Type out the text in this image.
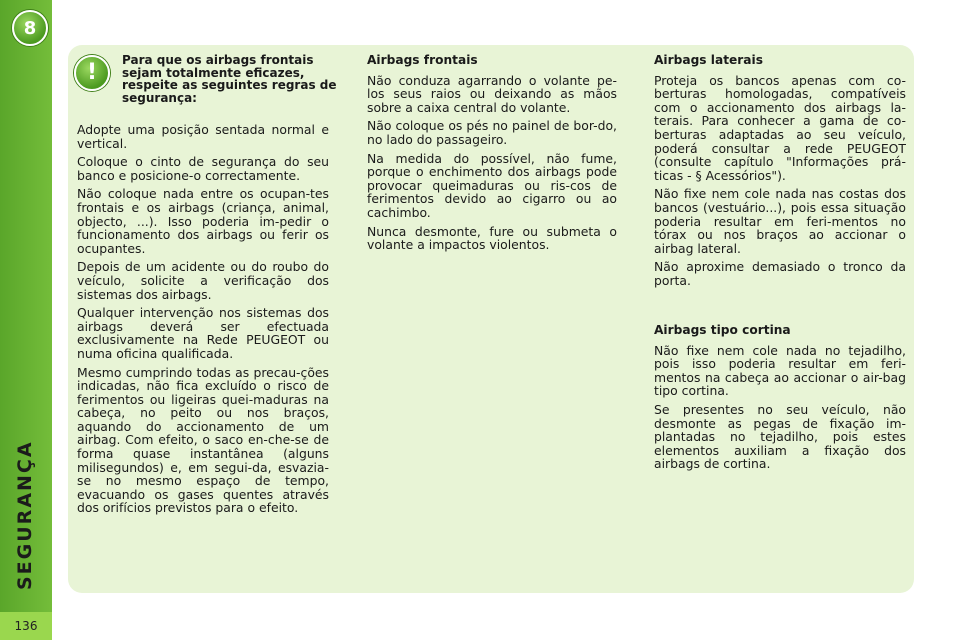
8
SEGURANÇA
136
! Para que os airbags frontais sejam totalmente eficazes, respeite as seguintes regras de segurança:

Adopte uma posição sentada normal e vertical.

Coloque o cinto de segurança do seu banco e posicione-o correctamente.

Não coloque nada entre os ocupan-tes frontais e os airbags (criança, animal, objecto, ...). Isso poderia im-pedir o funcionamento dos airbags ou ferir os ocupantes.

Depois de um acidente ou do roubo do veículo, solicite a verificação dos sistemas dos airbags.

Qualquer intervenção nos sistemas dos airbags deverá ser efectuada exclusivamente na Rede PEUGEOT ou numa oficina qualificada.

Mesmo cumprindo todas as precau-ções indicadas, não fica excluído o risco de ferimentos ou ligeiras quei-maduras na cabeça, no peito ou nos braços, aquando do accionamento de um airbag. Com efeito, o saco en-che-se de forma quase instantânea (alguns milisegundos) e, em segui-da, esvazia-se no mesmo espaço de tempo, evacuando os gases quentes através dos orifícios previstos para o efeito.

Airbags frontais

Não conduza agarrando o volante pe-los seus raios ou deixando as mãos sobre a caixa central do volante.

Não coloque os pés no painel de bor-do, no lado do passageiro.

Na medida do possível, não fume, porque o enchimento dos airbags pode provocar queimaduras ou ris-cos de ferimentos devido ao cigarro ou ao cachimbo.

Nunca desmonte, fure ou submeta o volante a impactos violentos.

Airbags laterais

Proteja os bancos apenas com co-berturas homologadas, compatíveis com o accionamento dos airbags la-terais. Para conhecer a gama de co-berturas adaptadas ao seu veículo, poderá consultar a rede PEUGEOT (consulte capítulo "Informações prá-ticas - § Acessórios").

Não fixe nem cole nada nas costas dos bancos (vestuário...), pois essa situação poderia resultar em feri-mentos no tórax ou nos braços ao accionar o airbag lateral.

Não aproxime demasiado o tronco da porta.

Airbags tipo cortina

Não fixe nem cole nada no tejadilho, pois isso poderia resultar em feri-mentos na cabeça ao accionar o air-bag tipo cortina.

Se presentes no seu veículo, não desmonte as pegas de fixação im-plantadas no tejadilho, pois estes elementos auxiliam a fixação dos airbags de cortina.
